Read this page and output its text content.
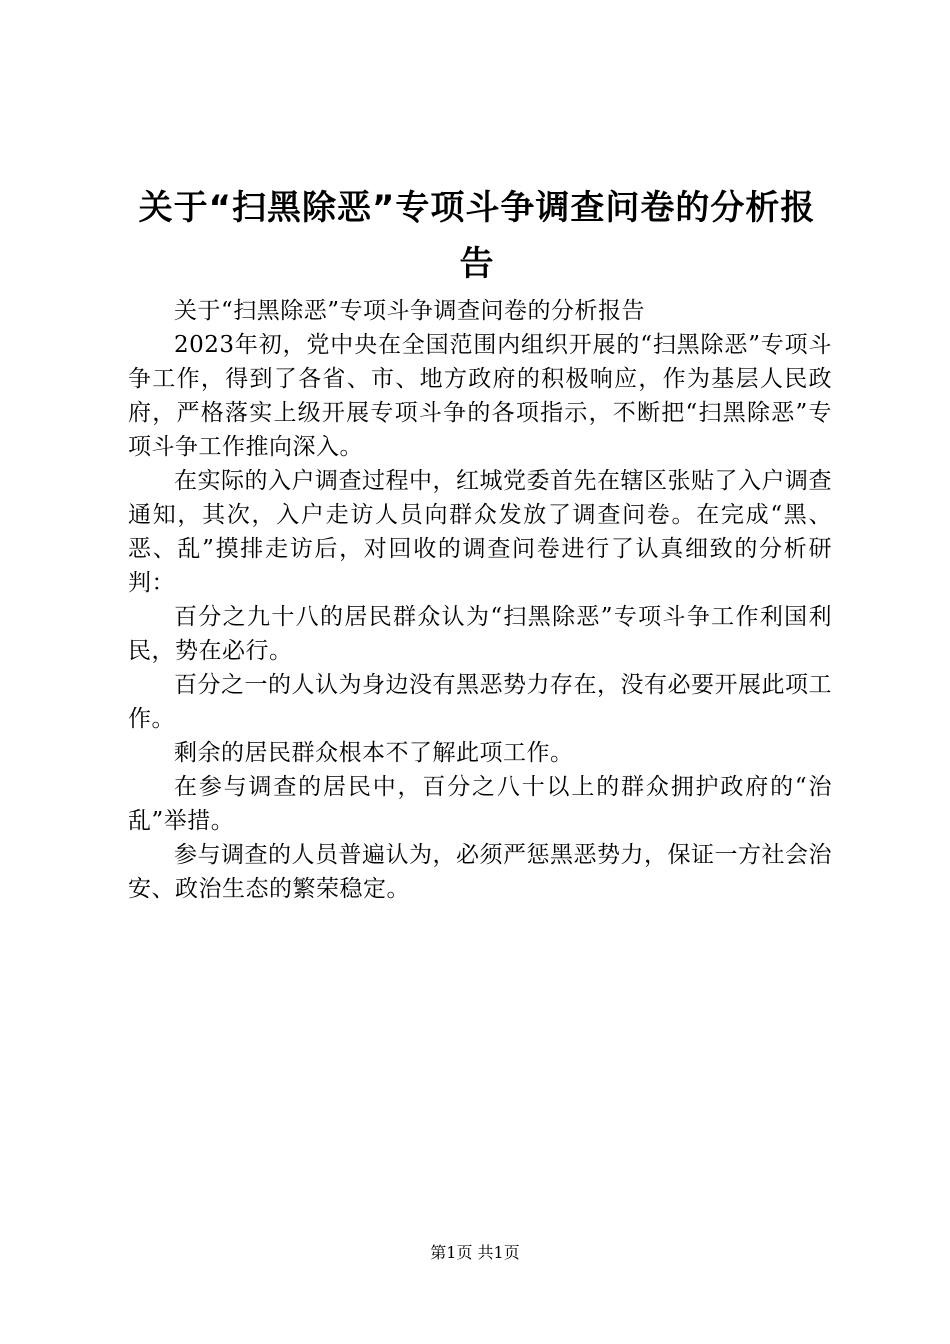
关于“扫黑除恶”专项斗争调查问卷的分析报告

关于“扫黑除恶”专项斗争调查问卷的分析报告

2023年初，党中央在全国范围内组织开展的“扫黑除恶”专项斗争工作，得到了各省、市、地方政府的积极响应，作为基层人民政府，严格落实上级开展专项斗争的各项指示，不断把“扫黑除恶”专项斗争工作推向深入。

在实际的入户调查过程中，红城党委首先在辖区张贴了入户调查通知，其次，入户走访人员向群众发放了调查问卷。在完成“黑、恶、乱”摸排走访后，对回收的调查问卷进行了认真细致的分析研判：

百分之九十八的居民群众认为“扫黑除恶”专项斗争工作利国利民，势在必行。

百分之一的人认为身边没有黑恶势力存在，没有必要开展此项工作。

剩余的居民群众根本不了解此项工作。

在参与调查的居民中，百分之八十以上的群众拥护政府的“治乱”举措。

参与调查的人员普遍认为，必须严惩黑恶势力，保证一方社会治安、政治生态的繁荣稳定。

第1页 共1页
